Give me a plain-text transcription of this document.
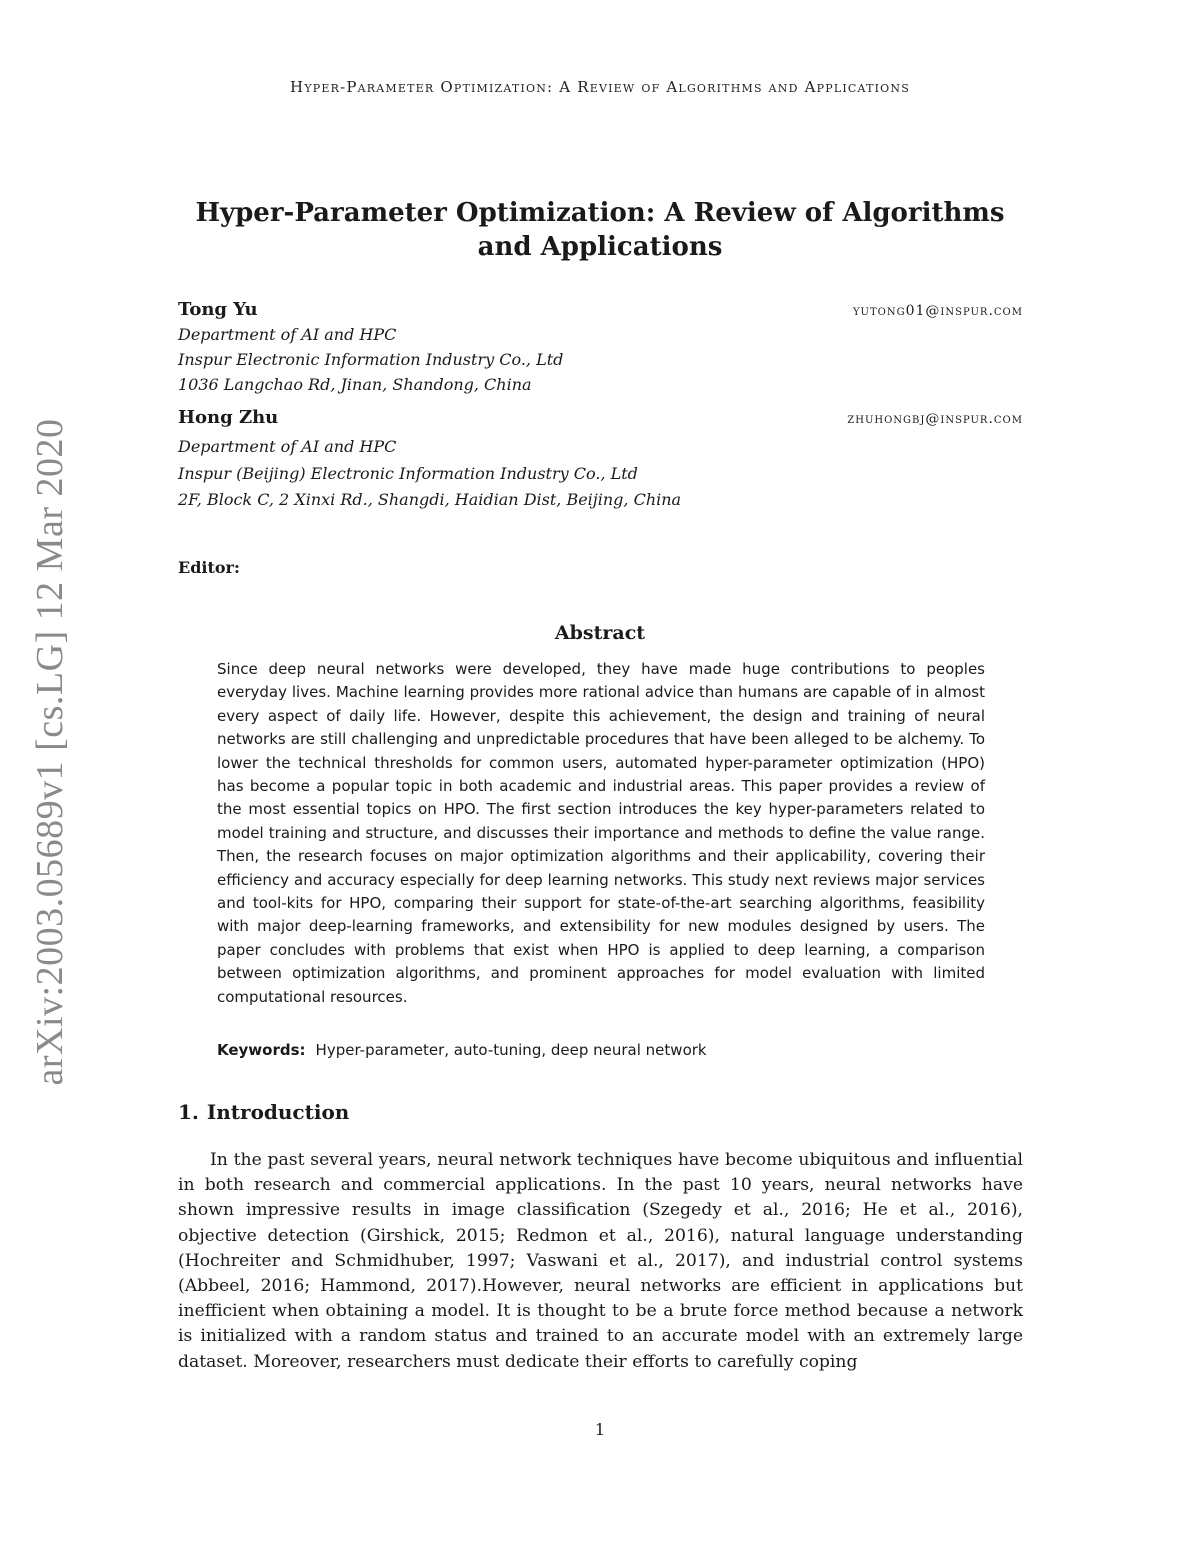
Hyper-Parameter Optimization: A Review of Algorithms and Applications
Hyper-Parameter Optimization: A Review of Algorithms
and Applications
Tong Yu	yutong01@inspur.com
Department of AI and HPC
Inspur Electronic Information Industry Co., Ltd
1036 Langchao Rd, Jinan, Shandong, China
Hong Zhu	zhuhongbj@inspur.com
Department of AI and HPC
Inspur (Beijing) Electronic Information Industry Co., Ltd
2F, Block C, 2 Xinxi Rd., Shangdi, Haidian Dist, Beijing, China
Editor:
Abstract

Since deep neural networks were developed, they have made huge contributions to peoples everyday lives. Machine learning provides more rational advice than humans are capable of in almost every aspect of daily life. However, despite this achievement, the design and training of neural networks are still challenging and unpredictable procedures that have been alleged to be alchemy. To lower the technical thresholds for common users, automated hyper-parameter optimization (HPO) has become a popular topic in both academic and industrial areas. This paper provides a review of the most essential topics on HPO. The first section introduces the key hyper-parameters related to model training and structure, and discusses their importance and methods to define the value range. Then, the research focuses on major optimization algorithms and their applicability, covering their efficiency and accuracy especially for deep learning networks. This study next reviews major services and tool-kits for HPO, comparing their support for state-of-the-art searching algorithms, feasibility with major deep-learning frameworks, and extensibility for new modules designed by users. The paper concludes with problems that exist when HPO is applied to deep learning, a comparison between optimization algorithms, and prominent approaches for model evaluation with limited computational resources.

Keywords: Hyper-parameter, auto-tuning, deep neural network
1. Introduction

In the past several years, neural network techniques have become ubiquitous and influential in both research and commercial applications. In the past 10 years, neural networks have shown impressive results in image classification (Szegedy et al., 2016; He et al., 2016), objective detection (Girshick, 2015; Redmon et al., 2016), natural language understanding (Hochreiter and Schmidhuber, 1997; Vaswani et al., 2017), and industrial control systems (Abbeel, 2016; Hammond, 2017).However, neural networks are efficient in applications but inefficient when obtaining a model. It is thought to be a brute force method because a network is initialized with a random status and trained to an accurate model with an extremely large dataset. Moreover, researchers must dedicate their efforts to carefully coping

1
arXiv:2003.05689v1 [cs.LG] 12 Mar 2020
